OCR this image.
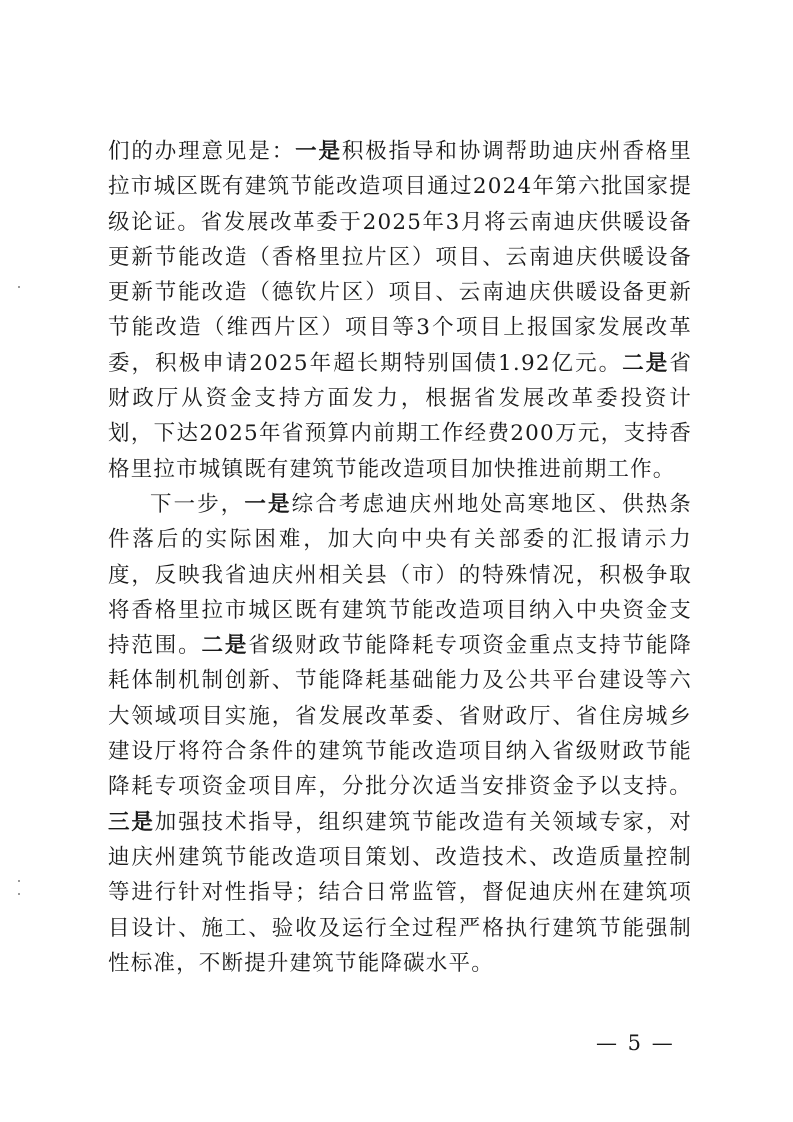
们的办理意见是：一是积极指导和协调帮助迪庆州香格里拉市城区既有建筑节能改造项目通过2024年第六批国家提级论证。省发展改革委于2025年3月将云南迪庆供暖设备更新节能改造（香格里拉片区）项目、云南迪庆供暖设备更新节能改造（德钦片区）项目、云南迪庆供暖设备更新节能改造（维西片区）项目等3个项目上报国家发展改革委，积极申请2025年超长期特别国债1.92亿元。二是省财政厅从资金支持方面发力，根据省发展改革委投资计划，下达2025年省预算内前期工作经费200万元，支持香格里拉市城镇既有建筑节能改造项目加快推进前期工作。

下一步，一是综合考虑迪庆州地处高寒地区、供热条件落后的实际困难，加大向中央有关部委的汇报请示力度，反映我省迪庆州相关县（市）的特殊情况，积极争取将香格里拉市城区既有建筑节能改造项目纳入中央资金支持范围。二是省级财政节能降耗专项资金重点支持节能降耗体制机制创新、节能降耗基础能力及公共平台建设等六大领域项目实施，省发展改革委、省财政厅、省住房城乡建设厅将符合条件的建筑节能改造项目纳入省级财政节能降耗专项资金项目库，分批分次适当安排资金予以支持。三是加强技术指导，组织建筑节能改造有关领域专家，对迪庆州建筑节能改造项目策划、改造技术、改造质量控制等进行针对性指导；结合日常监管，督促迪庆州在建筑项目设计、施工、验收及运行全过程严格执行建筑节能强制性标准，不断提升建筑节能降碳水平。

— 5 —
